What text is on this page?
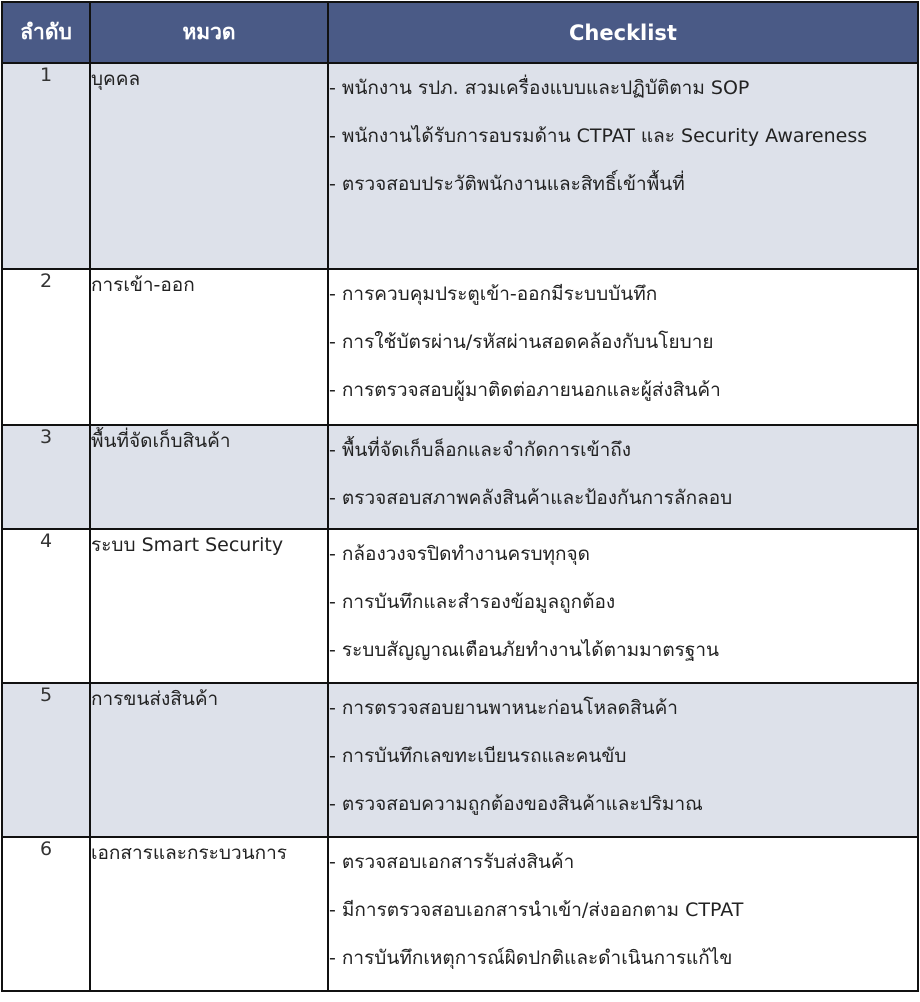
ลำดับ	หมวด	Checklist
1	บุคคล	- พนักงาน รปภ. สวมเครื่องแบบและปฏิบัติตาม SOP
- พนักงานได้รับการอบรมด้าน CTPAT และ Security Awareness
- ตรวจสอบประวัติพนักงานและสิทธิ์เข้าพื้นที่

2	การเข้า-ออก	- การควบคุมประตูเข้า-ออกมีระบบบันทึก
- การใช้บัตรผ่าน/รหัสผ่านสอดคล้องกับนโยบาย
- การตรวจสอบผู้มาติดต่อภายนอกและผู้ส่งสินค้า

3	พื้นที่จัดเก็บสินค้า	- พื้นที่จัดเก็บล็อกและจำกัดการเข้าถึง
- ตรวจสอบสภาพคลังสินค้าและป้องกันการลักลอบ

4	ระบบ Smart Security	- กล้องวงจรปิดทำงานครบทุกจุด
- การบันทึกและสำรองข้อมูลถูกต้อง
- ระบบสัญญาณเตือนภัยทำงานได้ตามมาตรฐาน

5	การขนส่งสินค้า	- การตรวจสอบยานพาหนะก่อนโหลดสินค้า
- การบันทึกเลขทะเบียนรถและคนขับ
- ตรวจสอบความถูกต้องของสินค้าและปริมาณ

6	เอกสารและกระบวนการ	- ตรวจสอบเอกสารรับส่งสินค้า
- มีการตรวจสอบเอกสารนำเข้า/ส่งออกตาม CTPAT
- การบันทึกเหตุการณ์ผิดปกติและดำเนินการแก้ไข
